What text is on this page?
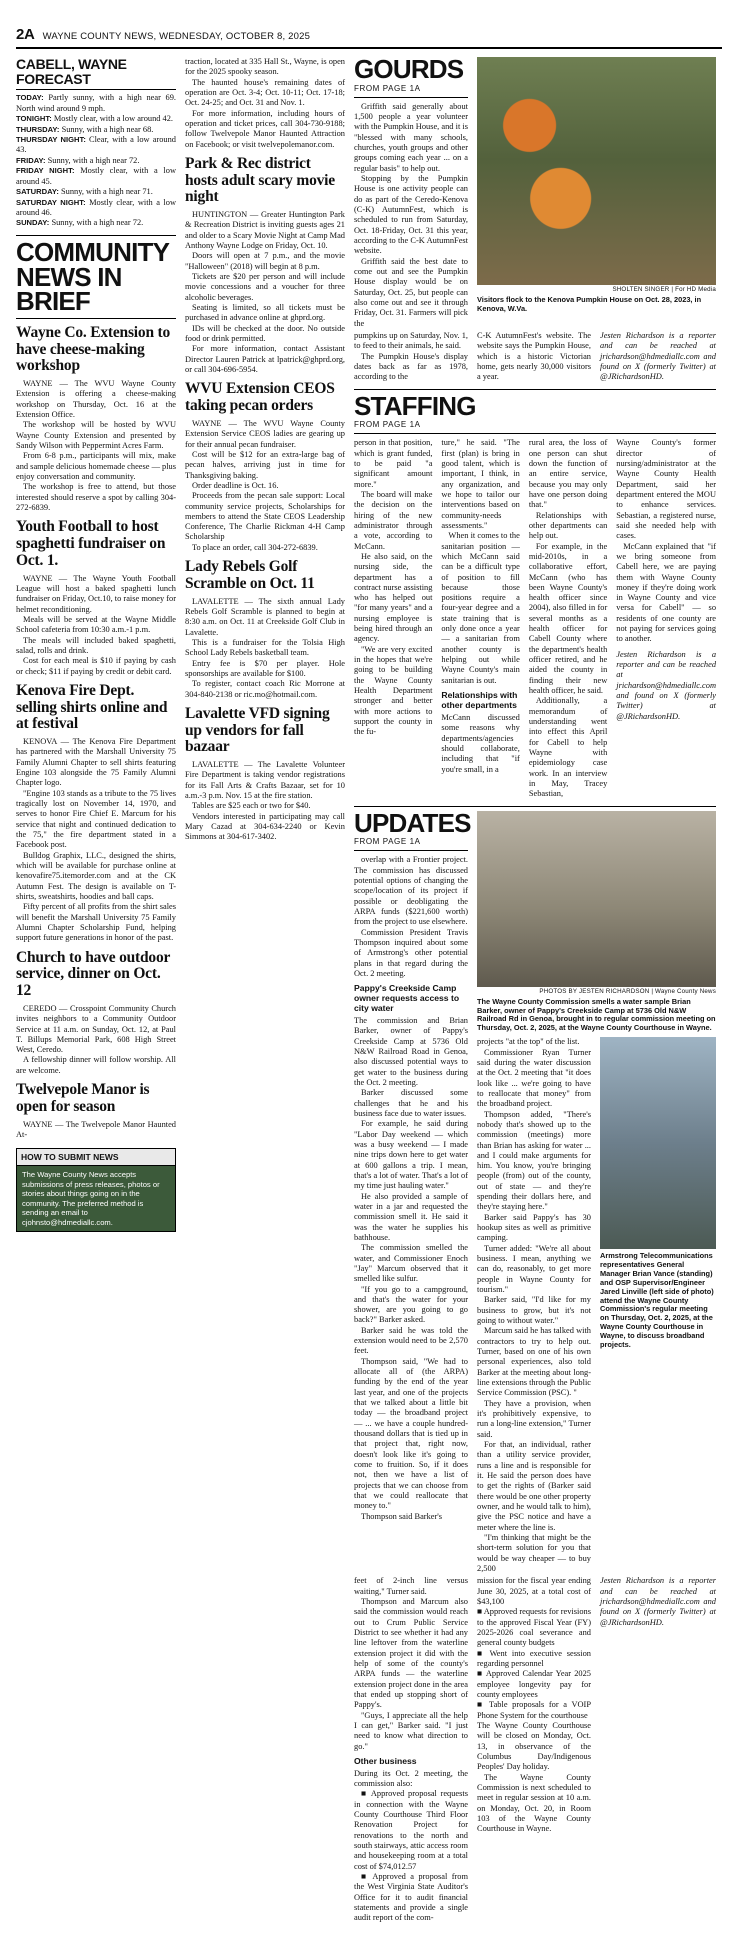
2A WAYNE COUNTY NEWS, WEDNESDAY, OCTOBER 8, 2025
CABELL, WAYNE FORECAST
TODAY: Partly sunny, with a high near 69. North wind around 9 mph.
TONIGHT: Mostly clear, with a low around 42.
THURSDAY: Sunny, with a high near 68.
THURSDAY NIGHT: Clear, with a low around 43.
FRIDAY: Sunny, with a high near 72.
FRIDAY NIGHT: Mostly clear, with a low around 45.
SATURDAY: Sunny, with a high near 71.
SATURDAY NIGHT: Mostly clear, with a low around 46.
SUNDAY: Sunny, with a high near 72.
COMMUNITY
NEWS IN BRIEF
Wayne Co. Extension to have cheese-making workshop

WAYNE — The WVU Wayne County Extension is offering a cheese-making workshop on Thursday, Oct. 16 at the Extension Office.

The workshop will be hosted by WVU Wayne County Extension and presented by Sandy Wilson with Peppermint Acres Farm.

From 6-8 p.m., participants will mix, make and sample delicious homemade cheese — plus enjoy conversation and community.

The workshop is free to attend, but those interested should reserve a spot by calling 304-272-6839.

Youth Football to host spaghetti fundraiser on Oct. 1.

WAYNE — The Wayne Youth Football League will host a baked spaghetti lunch fundraiser on Friday, Oct.10, to raise money for helmet reconditioning.

Meals will be served at the Wayne Middle School cafeteria from 10:30 a.m.-1 p.m.

The meals will included baked spaghetti, salad, rolls and drink.

Cost for each meal is $10 if paying by cash or check; $11 if paying by credit or debit card.

Kenova Fire Dept. selling shirts online and at festival

KENOVA — The Kenova Fire Department has partnered with the Marshall University 75 Family Alumni Chapter to sell shirts featuring Engine 103 alongside the 75 Family Alumni Chapter logo.

"Engine 103 stands as a tribute to the 75 lives tragically lost on November 14, 1970, and serves to honor Fire Chief E. Marcum for his service that night and continued dedication to the 75," the fire department stated in a Facebook post.

Bulldog Graphix, LLC., designed the shirts, which will be available for purchase online at kenovafire75.itemorder.com and at the CK Autumn Fest. The design is available on T-shirts, sweatshirts, hoodies and ball caps.

Fifty percent of all profits from the shirt sales will benefit the Marshall University 75 Family Alumni Chapter Scholarship Fund, helping support future generations in honor of the past.

Church to have outdoor service, dinner on Oct. 12

CEREDO — Crosspoint Community Church invites neighbors to a Community Outdoor Service at 11 a.m. on Sunday, Oct. 12, at Paul T. Billups Memorial Park, 608 High Street West, Ceredo.

A fellowship dinner will follow worship. All are welcome.

Twelvepole Manor is open for season

WAYNE — The Twelvepole Manor Haunted At-

HOW TO SUBMIT NEWS
The Wayne County News accepts submissions of press releases, photos or stories about things going on in the community. The preferred method is sending an email to cjohnsto@hdmediallc.com.

traction, located at 335 Hall St., Wayne, is open for the 2025 spooky season.

The haunted house's remaining dates of operation are Oct. 3-4; Oct. 10-11; Oct. 17-18; Oct. 24-25; and Oct. 31 and Nov. 1.

For more information, including hours of operation and ticket prices, call 304-730-9188; follow Twelvepole Manor Haunted Attraction on Facebook; or visit twelvepolemanor.com.

Park & Rec district hosts adult scary movie night

HUNTINGTON — Greater Huntington Park & Recreation District is inviting guests ages 21 and older to a Scary Movie Night at Camp Mad Anthony Wayne Lodge on Friday, Oct. 10.

Doors will open at 7 p.m., and the movie "Halloween" (2018) will begin at 8 p.m.

Tickets are $20 per person and will include movie concessions and a voucher for three alcoholic beverages.

Seating is limited, so all tickets must be purchased in advance online at ghprd.org.

IDs will be checked at the door. No outside food or drink permitted.

For more information, contact Assistant Director Lauren Patrick at lpatrick@ghprd.org, or call 304-696-5954.

WVU Extension CEOS taking pecan orders

WAYNE — The WVU Wayne County Extension Service CEOS ladies are gearing up for their annual pecan fundraiser.

Cost will be $12 for an extra-large bag of pecan halves, arriving just in time for Thanksgiving baking.

Order deadline is Oct. 16.

Proceeds from the pecan sale support: Local community service projects, Scholarships for members to attend the State CEOS Leadership Conference, The Charlie Rickman 4-H Camp Scholarship

To place an order, call 304-272-6839.

Lady Rebels Golf Scramble on Oct. 11

LAVALETTE — The sixth annual Lady Rebels Golf Scramble is planned to begin at 8:30 a.m. on Oct. 11 at Creekside Golf Club in Lavalette.

This is a fundraiser for the Tolsia High School Lady Rebels basketball team.

Entry fee is $70 per player. Hole sponsorships are available for $100.

To register, contact coach Ric Morrone at 304-840-2138 or ric.mo@hotmail.com.

Lavalette VFD signing up vendors for fall bazaar

LAVALETTE — The Lavalette Volunteer Fire Department is taking vendor registrations for its Fall Arts & Crafts Bazaar, set for 10 a.m.-3 p.m. Nov. 15 at the fire station.

Tables are $25 each or two for $40.

Vendors interested in participating may call Mary Cazad at 304-634-2240 or Kevin Simmons at 304-617-3402.

GOURDS
FROM PAGE 1A

Griffith said generally about 1,500 people a year volunteer with the Pumpkin House, and it is "blessed with many schools, churches, youth groups and other groups coming each year ... on a regular basis" to help out.

Stopping by the Pumpkin House is one activity people can do as part of the Ceredo-Kenova (C-K) AutumnFest, which is scheduled to run from Saturday, Oct. 18-Friday, Oct. 31 this year, according to the C-K AutumnFest website.

Griffith said the best date to come out and see the Pumpkin House display would be on Saturday, Oct. 25, but people can also come out and see it through Friday, Oct. 31. Farmers will pick the

SHOLTEN SINGER | For HD Media
Visitors flock to the Kenova Pumpkin House on Oct. 28, 2023, in Kenova, W.Va.

pumpkins up on Saturday, Nov. 1, to feed to their animals, he said.

The Pumpkin House's display dates back as far as 1978, according to the

C-K AutumnFest's website. The website says the Pumpkin House, which is a historic Victorian home, gets nearly 30,000 visitors a year.

Jesten Richardson is a reporter and can be reached at jrichardson@hdmediallc.com and found on X (formerly Twitter) at @JRichardsonHD.

STAFFING
FROM PAGE 1A

person in that position, which is grant funded, to be paid "a significant amount more."

The board will make the decision on the hiring of the new administrator through a vote, according to McCann.

He also said, on the nursing side, the department has a contract nurse assisting who has helped out "for many years" and a nursing employee is being hired through an agency.

"We are very excited in the hopes that we're going to be building the Wayne County Health Department stronger and better with more actions to support the county in the fu-

ture," he said. "The first (plan) is bring in good talent, which is important, I think, in any organization, and we hope to tailor our interventions based on community-needs assessments."

When it comes to the sanitarian position — which McCann said can be a difficult type of position to fill because those positions require a four-year degree and a state training that is only done once a year — a sanitarian from another county is helping out while Wayne County's main sanitarian is out.

Relationships with other departments

McCann discussed some reasons why departments/agencies should collaborate, including that "if you're small, in a

rural area, the loss of one person can shut down the function of an entire service, because you may only have one person doing that."

Relationships with other departments can help out.

For example, in the mid-2010s, in a collaborative effort, McCann (who has been Wayne County's health officer since 2004), also filled in for several months as a health officer for Cabell County where the department's health officer retired, and he aided the county in finding their new health officer, he said.

Additionally, a memorandum of understanding went into effect this April for Cabell to help Wayne with epidemiology case work. In an interview in May, Tracey Sebastian,

Wayne County's former director of nursing/administrator at the Wayne County Health Department, said her department entered the MOU to enhance services. Sebastian, a registered nurse, said she needed help with cases.

McCann explained that "if we bring someone from Cabell here, we are paying them with Wayne County money if they're doing work in Wayne County and vice versa for Cabell" — so residents of one county are not paying for services going to another.

Jesten Richardson is a reporter and can be reached at jrichardson@hdmediallc.com and found on X (formerly Twitter) at @JRichardsonHD.

UPDATES
FROM PAGE 1A

overlap with a Frontier project. The commission has discussed potential options of changing the scope/location of its project if possible or deobligating the ARPA funds ($221,600 worth) from the project to use elsewhere.

Commission President Travis Thompson inquired about some of Armstrong's other potential plans in that regard during the Oct. 2 meeting.

Pappy's Creekside Camp owner requests access to city water

The commission and Brian Barker, owner of Pappy's Creekside Camp at 5736 Old N&W Railroad Road in Genoa, also discussed potential ways to get water to the business during the Oct. 2 meeting.

Barker discussed some challenges that he and his business face due to water issues.

For example, he said during "Labor Day weekend — which was a busy weekend — I made nine trips down here to get water at 600 gallons a trip. I mean, that's a lot of water. That's a lot of my time just hauling water."

He also provided a sample of water in a jar and requested the commission smell it. He said it was the water he supplies his bathhouse.

The commission smelled the water, and Commissioner Enoch "Jay" Marcum observed that it smelled like sulfur.

"If you go to a campground, and that's the water for your shower, are you going to go back?" Barker asked.

Barker said he was told the extension would need to be 2,570 feet.

Thompson said, "We had to allocate all of (the ARPA) funding by the end of the year last year, and one of the projects that we talked about a little bit today — the broadband project — ... we have a couple hundred-thousand dollars that is tied up in that project that, right now, doesn't look like it's going to come to fruition. So, if it does not, then we have a list of projects that we can choose from that we could reallocate that money to."

Thompson said Barker's

PHOTOS BY JESTEN RICHARDSON | Wayne County News
The Wayne County Commission smells a water sample Brian Barker, owner of Pappy's Creekside Camp at 5736 Old N&W Railroad Rd in Genoa, brought in to regular commission meeting on Thursday, Oct. 2, 2025, at the Wayne County Courthouse in Wayne.

projects "at the top" of the list.

Commissioner Ryan Turner said during the water discussion at the Oct. 2 meeting that "it does look like ... we're going to have to reallocate that money" from the broadband project.

Thompson added, "There's nobody that's showed up to the commission (meetings) more than Brian has asking for water ... and I could make arguments for him. You know, you're bringing people (from) out of the county, out of state — and they're spending their dollars here, and they're staying here."

Barker said Pappy's has 30 hookup sites as well as primitive camping.

Turner added: "We're all about business. I mean, anything we can do, reasonably, to get more people in Wayne County for tourism."

Barker said, "I'd like for my business to grow, but it's not going to without water."

Marcum said he has talked with contractors to try to help out. Turner, based on one of his own personal experiences, also told Barker at the meeting about long-line extensions through the Public Service Commission (PSC). "

They have a provision, when it's prohibitively expensive, to run a long-line extension," Turner said.

For that, an individual, rather than a utility service provider, runs a line and is responsible for it. He said the person does have to get the rights of (Barker said there would be one other property owner, and he would talk to him), give the PSC notice and have a meter where the line is.

"I'm thinking that might be the short-term solution for you that would be way cheaper — to buy 2,500

Armstrong Telecommunications representatives General Manager Brian Vance (standing) and OSP Supervisor/Engineer Jared Linville (left side of photo) attend the Wayne County Commission's regular meeting on Thursday, Oct. 2, 2025, at the Wayne County Courthouse in Wayne, to discuss broadband projects.

feet of 2-inch line versus waiting," Turner said.

Thompson and Marcum also said the commission would reach out to Crum Public Service District to see whether it had any line leftover from the waterline extension project it did with the help of some of the county's ARPA funds — the waterline extension project done in the area that ended up stopping short of Pappy's.

"Guys, I appreciate all the help I can get," Barker said. "I just need to know what direction to go."

Other business

During its Oct. 2 meeting, the commission also:

■ Approved proposal requests in connection with the Wayne County Courthouse Third Floor Renovation Project for renovations to the north and south stairways, attic access room and housekeeping room at a total cost of $74,012.57

■ Approved a proposal from the West Virginia State Auditor's Office for it to audit financial statements and provide a single audit report of the com-

mission for the fiscal year ending June 30, 2025, at a total cost of $43,100

■ Approved requests for revisions to the approved Fiscal Year (FY) 2025-2026 coal severance and general county budgets

■ Went into executive session regarding personnel

■ Approved Calendar Year 2025 employee longevity pay for county employees

■ Table proposals for a VOIP Phone System for the courthouse

The Wayne County Courthouse will be closed on Monday, Oct. 13, in observance of the Columbus Day/Indigenous Peoples' Day holiday.

The Wayne County Commission is next scheduled to meet in regular session at 10 a.m. on Monday, Oct. 20, in Room 103 of the Wayne County Courthouse in Wayne.

Jesten Richardson is a reporter and can be reached at jrichardson@hdmediallc.com and found on X (formerly Twitter) at @JRichardsonHD.
